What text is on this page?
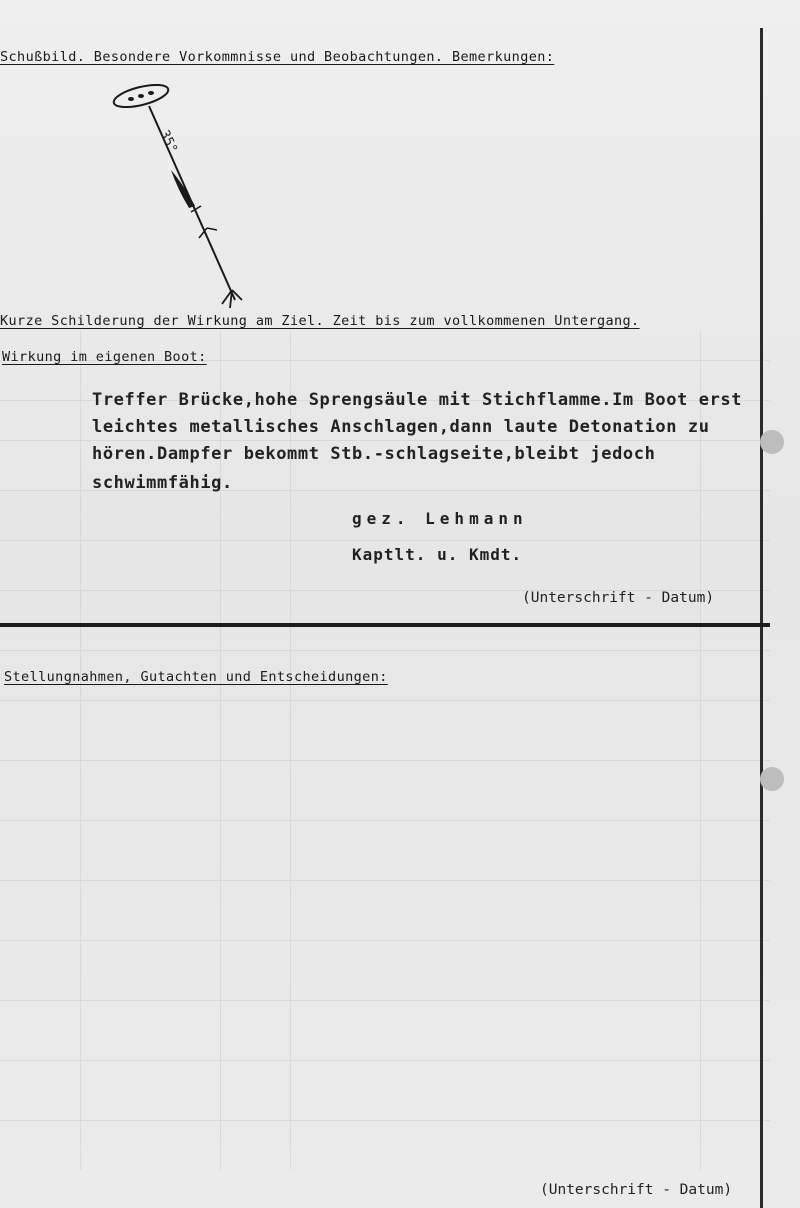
Schußbild. Besondere Vorkommnisse und Beobachtungen. Bemerkungen:
35°
Kurze Schilderung der Wirkung am Ziel. Zeit bis zum vollkommenen Untergang.
Wirkung im eigenen Boot:
Treffer Brücke,hohe Sprengsäule mit Stichflamme.Im Boot erst
leichtes metallisches Anschlagen,dann laute Detonation zu
hören.Dampfer bekommt Stb.-schlagseite,bleibt jedoch
schwimmfähig.
gez. Lehmann
Kaptlt. u. Kmdt.
(Unterschrift - Datum)
Stellungnahmen, Gutachten und Entscheidungen:
(Unterschrift - Datum)
